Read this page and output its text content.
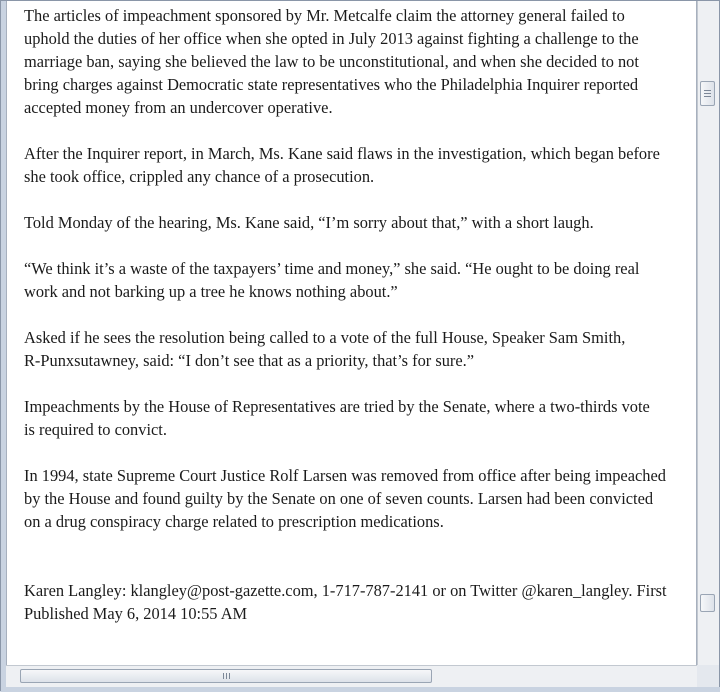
The articles of impeachment sponsored by Mr. Metcalfe claim the attorney general failed to
uphold the duties of her office when she opted in July 2013 against fighting a challenge to the
marriage ban, saying she believed the law to be unconstitutional, and when she decided to not
bring charges against Democratic state representatives who the Philadelphia Inquirer reported
accepted money from an undercover operative.

After the Inquirer report, in March, Ms. Kane said flaws in the investigation, which began before
she took office, crippled any chance of a prosecution.

Told Monday of the hearing, Ms. Kane said, “I’m sorry about that,” with a short laugh.

“We think it’s a waste of the taxpayers’ time and money,” she said. “He ought to be doing real
work and not barking up a tree he knows nothing about.”

Asked if he sees the resolution being called to a vote of the full House, Speaker Sam Smith,
R-Punxsutawney, said: “I don’t see that as a priority, that’s for sure.”

Impeachments by the House of Representatives are tried by the Senate, where a two-thirds vote
is required to convict.

In 1994, state Supreme Court Justice Rolf Larsen was removed from office after being impeached
by the House and found guilty by the Senate on one of seven counts. Larsen had been convicted
on a drug conspiracy charge related to prescription medications.

Karen Langley: klangley@post-gazette.com, 1-717-787-2141 or on Twitter @karen_langley. First
Published May 6, 2014 10:55 AM
